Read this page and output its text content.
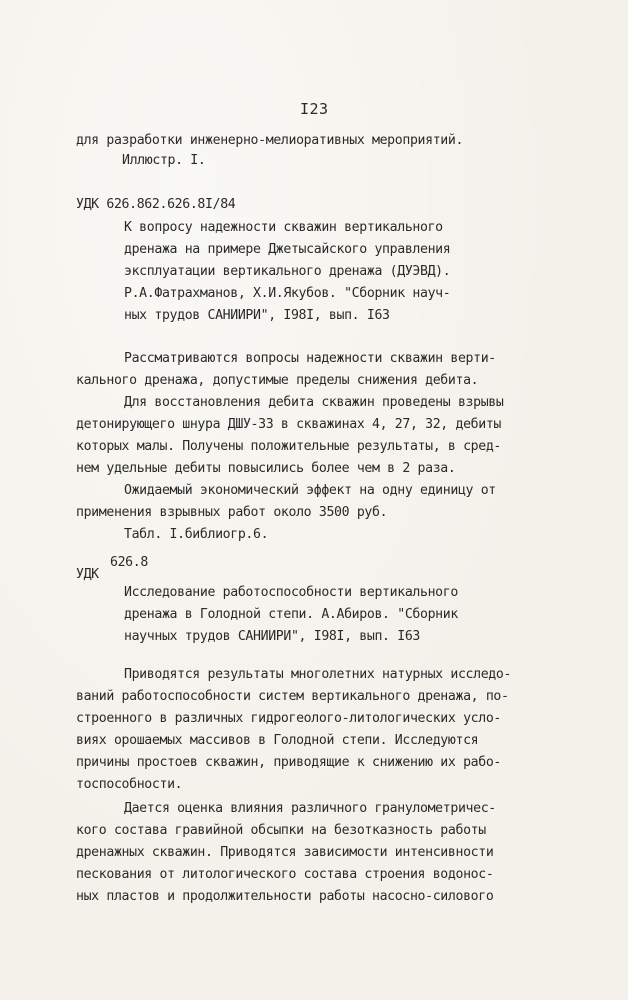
I23
для разработки инженерно-мелиоративных мероприятий.
Иллюстр. I.
УДК 626.862.626.8I/84
К вопросу надежности скважин вертикального
дренажа на примере Джетысайского управления
эксплуатации вертикального дренажа (ДУЭВД).
Р.А.Фатрахманов, Х.И.Якубов. "Сборник науч-
ных трудов САНИИРИ", I98I, вып. I63
Рассматриваются вопросы надежности скважин верти-
кального дренажа, допустимые пределы снижения дебита.
Для восстановления дебита скважин проведены взрывы
детонирующего шнура ДШУ-33 в скважинах 4, 27, 32, дебиты
которых малы. Получены положительные результаты, в сред-
нем удельные дебиты повысились более чем в 2 раза.
Ожидаемый экономический эффект на одну единицу от
применения взрывных работ около 3500 руб.
Табл. I.библиогр.6.
УДК
626.8
Исследование работоспособности вертикального
дренажа в Голодной степи. А.Абиров. "Сборник
научных трудов САНИИРИ", I98I, вып. I63
Приводятся результаты многолетних натурных исследо-
ваний работоспособности систем вертикального дренажа, по-
строенного в различных гидрогеолого-литологических усло-
виях орошаемых массивов в Голодной степи. Исследуются
причины простоев скважин, приводящие к снижению их рабо-
тоспособности.
Дается оценка влияния различного гранулометричес-
кого состава гравийной обсыпки на безотказность работы
дренажных скважин. Приводятся зависимости интенсивности
пескования от литологического состава строения водонос-
ных пластов и продолжительности работы насосно-силового
